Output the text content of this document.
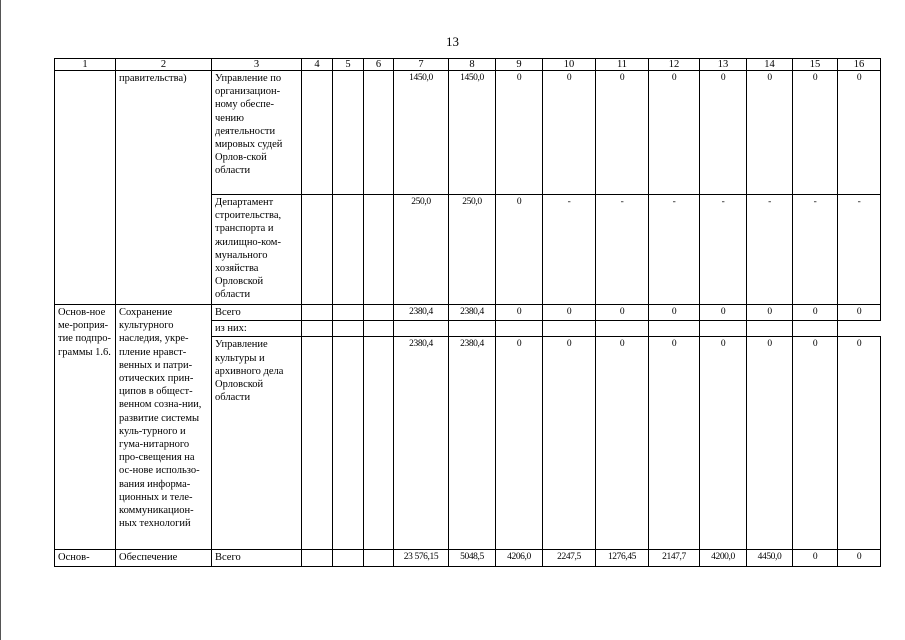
13
1	2	3	4	5	6	7	8	9	10	11	12	13	14	15	16
	правительства)	Управление по организацион-ному обеспе-чению деятельности мировых судей Орлов-ской области				1450,0	1450,0	0	0	0	0	0	0	0	0
		Департамент строительства, транспорта и жилищно-ком-мунального хозяйства Орловской области				250,0	250,0	0	-	-	-	-	-	-	-
Основ-ное ме-роприя-тие подпро-граммы 1.6.	Сохранение культурного наследия, укре-пление нравст-венных и патри-отических прин-ципов в общест-венном сознa-нии, развитие системы куль-турного и гума-нитарного про-свещения на ос-нове использо-вания информа-ционных и теле-коммуникацион-ных технологий	Всего				2380,4	2380,4	0	0	0	0	0	0	0	0
		из них:													
		Управление культуры и архивного дела Орловской области				2380,4	2380,4	0	0	0	0	0	0	0	0
Основ-	Обеспечение	Всего				23 576,15	5048,5	4206,0	2247,5	1276,45	2147,7	4200,0	4450,0	0	0
